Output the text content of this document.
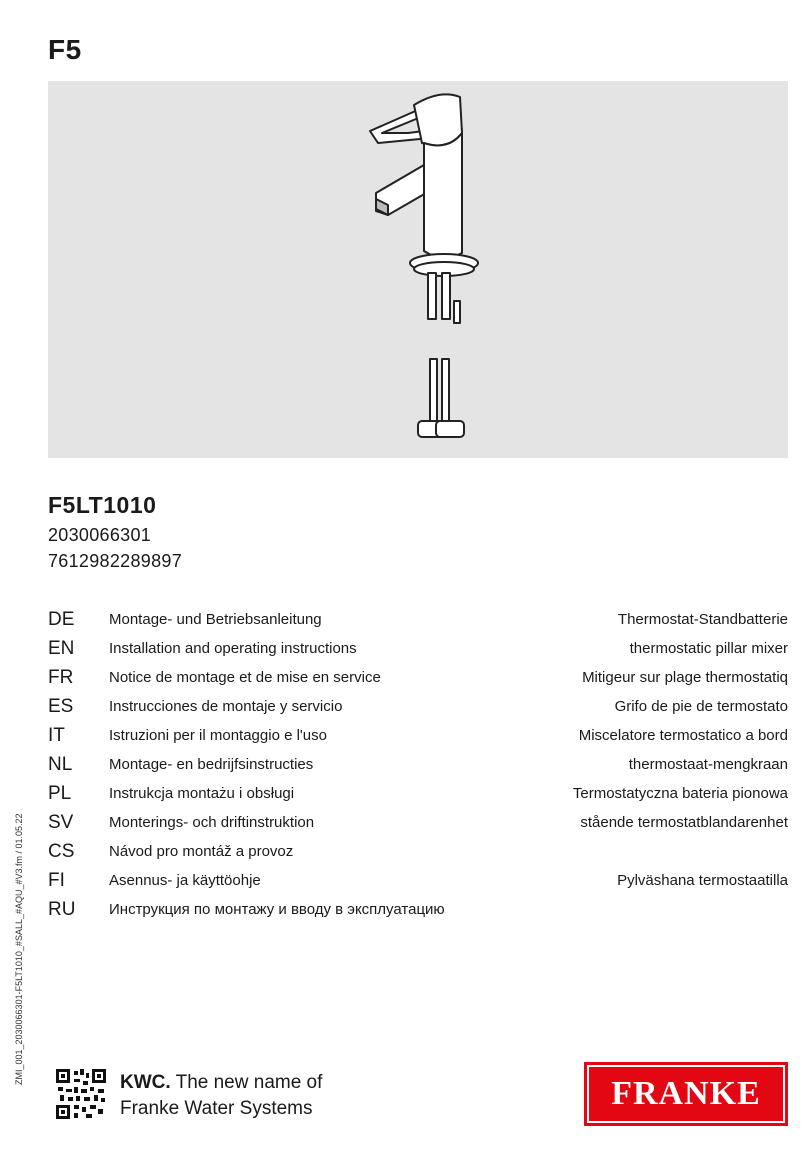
F5
F5LT1010
2030066301
7612982289897
DE Montage- und Betriebsanleitung	Thermostat-Standbatterie
EN Installation and operating instructions	thermostatic pillar mixer
FR Notice de montage et de mise en service	Mitigeur sur plage thermostatiq
ES Instrucciones de montaje y servicio	Grifo de pie de termostato
IT	Istruzioni per il montaggio e l'uso	Miscelatore termostatico a bord
NL Montage- en bedrijfsinstructies	thermostaat-mengkraan
PL	Instrukcja montażu i obsługi	Termostatyczna bateria pionowa
SV Monterings- och driftinstruktion	stående termostatblandarenhet
CS Návod pro montáž a provoz
FI	Asennus- ja käyttöohje	Pylväshana termostaatilla
RU Инструкция по монтажу и вводу в эксплуатацию
ZMI_001_2030066301-F5LT1010_#SALL_#AQU_#V3.fm / 01.05.22	KWC. The new name of
Franke Water Systems	FRANKE
